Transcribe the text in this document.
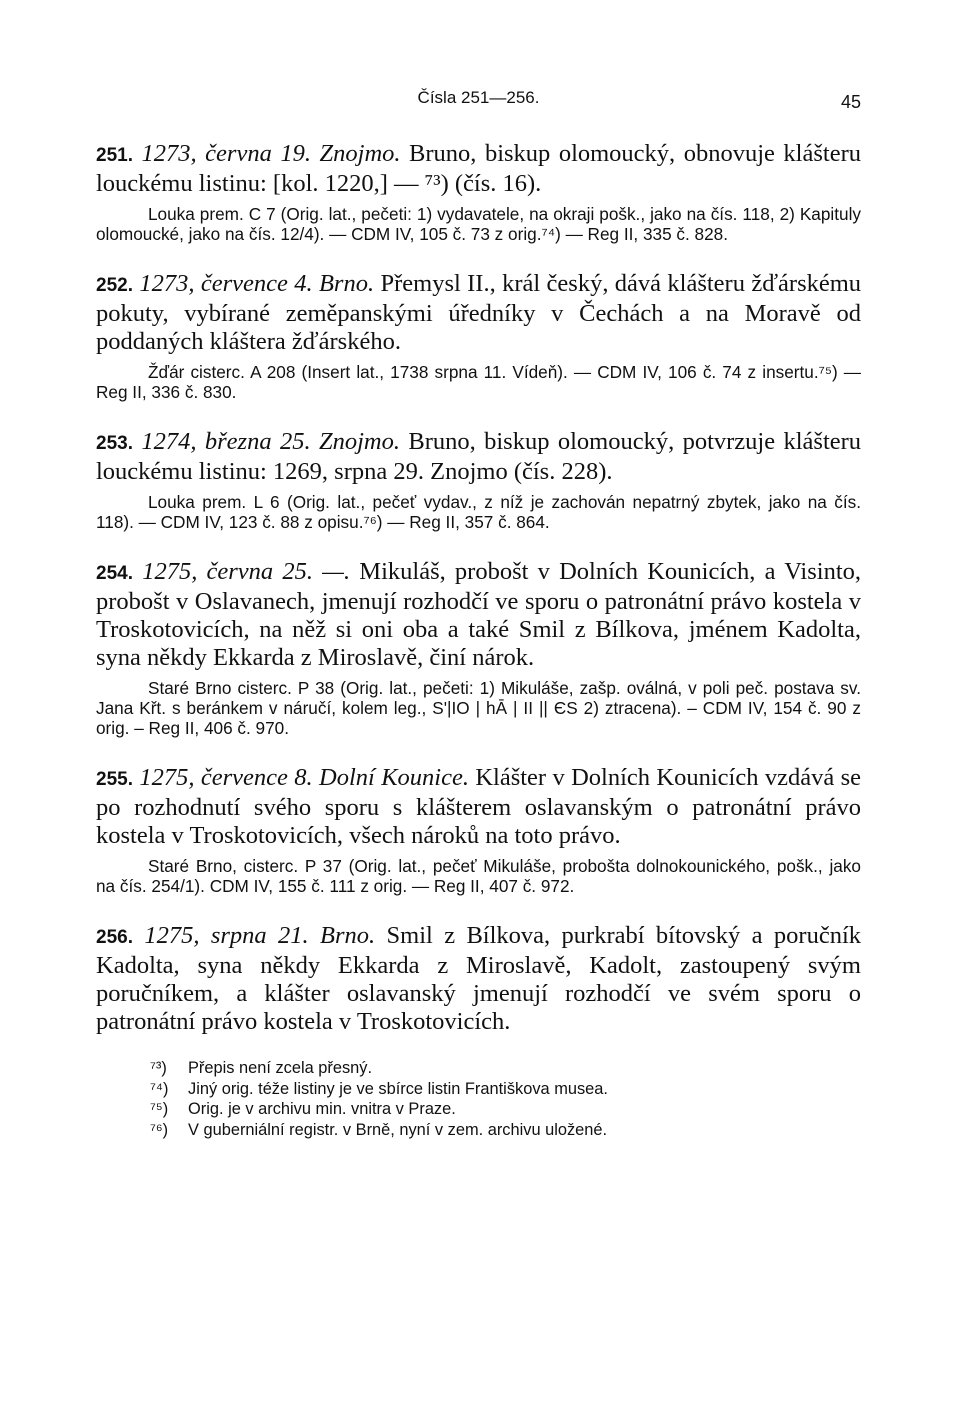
Čísla 251—256.	45
251. 1273, června 19. Znojmo. Bruno, biskup olomoucký, obnovuje klášteru louckému listinu: [kol. 1220,] — ⁷³) (čís. 16).
Louka prem. C 7 (Orig. lat., pečeti: 1) vydavatele, na okraji pošk., jako na čís. 118, 2) Kapituly olomoucké, jako na čís. 12/4). — CDM IV, 105 č. 73 z orig.⁷⁴) — Reg II, 335 č. 828.
252. 1273, července 4. Brno. Přemysl II., král český, dává klášteru žďárskému pokuty, vybírané zeměpanskými úředníky v Čechách a na Moravě od poddaných kláštera žďárského.
Žďár cisterc. A 208 (Insert lat., 1738 srpna 11. Vídeň). — CDM IV, 106 č. 74 z insertu.⁷⁵) — Reg II, 336 č. 830.
253. 1274, března 25. Znojmo. Bruno, biskup olomoucký, potvrzuje klášteru louckému listinu: 1269, srpna 29. Znojmo (čís. 228).
Louka prem. L 6 (Orig. lat., pečeť vydav., z níž je zachován nepatrný zbytek, jako na čís. 118). — CDM IV, 123 č. 88 z opisu.⁷⁶) — Reg II, 357 č. 864.
254. 1275, června 25. —. Mikuláš, probošt v Dolních Kounicích, a Visinto, probošt v Oslavanech, jmenují rozhodčí ve sporu o patronátní právo kostela v Troskotovicích, na něž si oni oba a také Smil z Bílkova, jménem Kadolta, syna někdy Ekkarda z Miroslavě, činí nárok.
Staré Brno cisterc. P 38 (Orig. lat., pečeti: 1) Mikuláše, zašp. oválná, v poli peč. postava sv. Jana Křt. s beránkem v náručí, kolem leg., S'|IO | hĀ | II || ЄS 2) ztracena). – CDM IV, 154 č. 90 z orig. – Reg II, 406 č. 970.
255. 1275, července 8. Dolní Kounice. Klášter v Dolních Kounicích vzdává se po rozhodnutí svého sporu s klášterem oslavanským o patronátní právo kostela v Troskotovicích, všech nároků na toto právo.
Staré Brno, cisterc. P 37 (Orig. lat., pečeť Mikuláše, probošta dolnokounického, pošk., jako na čís. 254/1). CDM IV, 155 č. 111 z orig. — Reg II, 407 č. 972.
256. 1275, srpna 21. Brno. Smil z Bílkova, purkrabí bítovský a poručník Kadolta, syna někdy Ekkarda z Miroslavě, Kadolt, zastoupený svým poručníkem, a klášter oslavanský jmenují rozhodčí ve svém sporu o patronátní právo kostela v Troskotovicích.
⁷³)	Přepis není zcela přesný.
⁷⁴)	Jiný orig. téže listiny je ve sbírce listin Františkova musea.
⁷⁵)	Orig. je v archivu min. vnitra v Praze.
⁷⁶)	V guberniální registr. v Brně, nyní v zem. archivu uložené.
